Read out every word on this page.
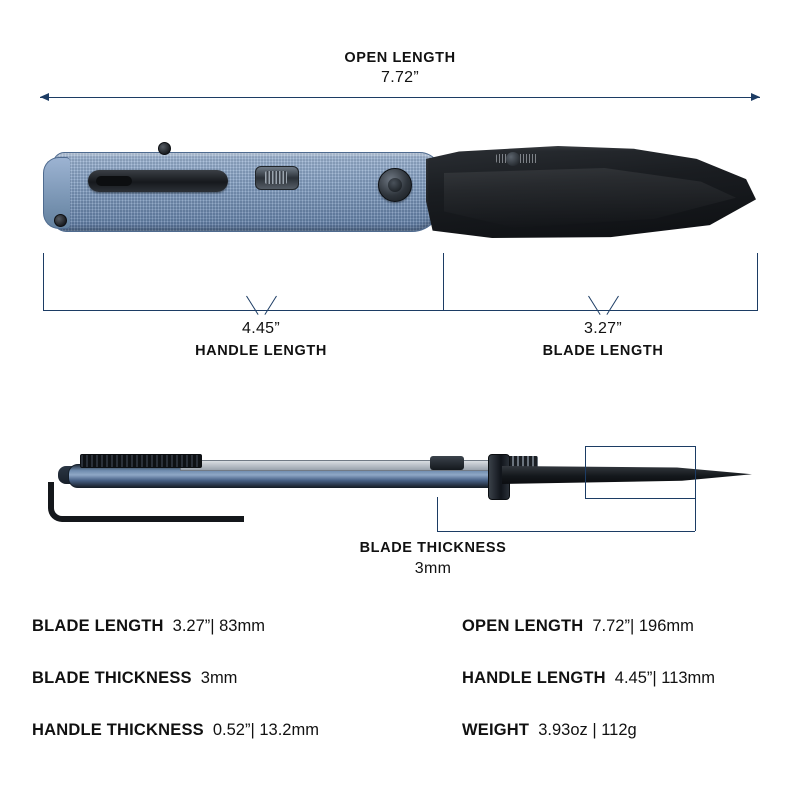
OPEN LENGTH
7.72”
4.45”
HANDLE LENGTH
3.27”
BLADE LENGTH
BLADE THICKNESS
3mm
BLADE LENGTH 3.27”| 83mm	OPEN LENGTH 7.72”| 196mm
BLADE THICKNESS 3mm	HANDLE LENGTH 4.45”| 113mm
HANDLE THICKNESS 0.52”| 13.2mm	WEIGHT 3.93oz | 112g
